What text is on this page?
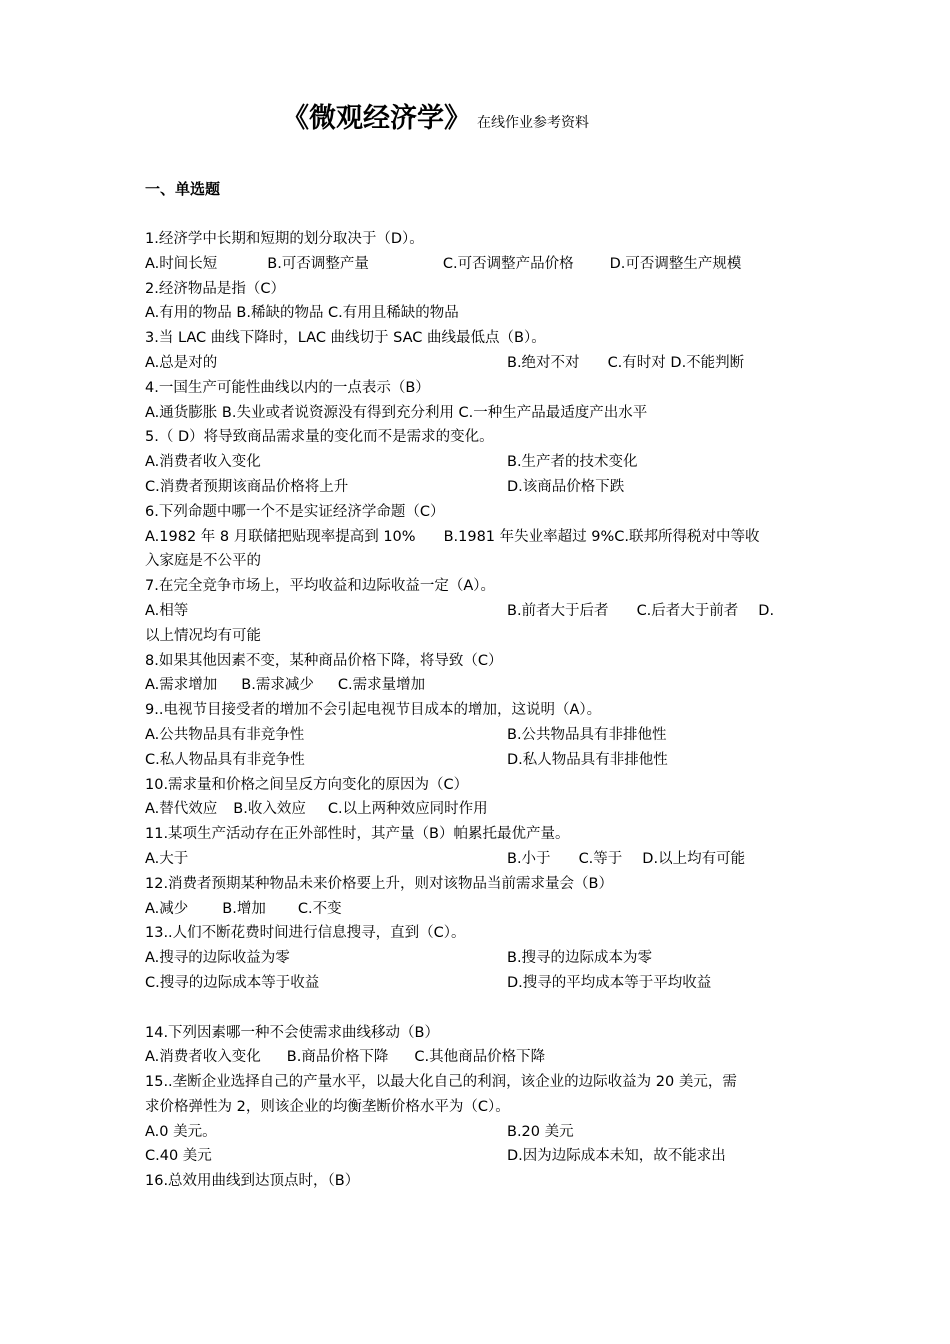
《微观经济学》 在线作业参考资料
一、单选题
1.经济学中长期和短期的划分取决于（D）。
A.时间长短	B.可否调整产量	C.可否调整产品价格 D.可否调整生产规模
2.经济物品是指（C）
A.有用的物品 B.稀缺的物品 C.有用且稀缺的物品
3.当 LAC 曲线下降时，LAC 曲线切于 SAC 曲线最低点（B）。
A.总是对的	B.绝对不对 C.有时对 D.不能判断
4.一国生产可能性曲线以内的一点表示（B）
A.通货膨胀 B.失业或者说资源没有得到充分利用 C.一种生产品最适度产出水平
5.（ D）将导致商品需求量的变化而不是需求的变化。
A.消费者收入变化	B.生产者的技术变化
C.消费者预期该商品价格将上升	D.该商品价格下跌
6.下列命题中哪一个不是实证经济学命题（C）
A.1982 年 8 月联储把贴现率提高到 10% B.1981 年失业率超过 9%C.联邦所得税对中等收
入家庭是不公平的
7.在完全竞争市场上，平均收益和边际收益一定（A）。
A.相等	B.前者大于后者 C.后者大于前者 D.
以上情况均有可能
8.如果其他因素不变，某种商品价格下降，将导致（C）
A.需求增加 B.需求减少 C.需求量增加
9..电视节目接受者的增加不会引起电视节目成本的增加，这说明（A）。
A.公共物品具有非竞争性	B.公共物品具有非排他性
C.私人物品具有非竞争性	D.私人物品具有非排他性
10.需求量和价格之间呈反方向变化的原因为（C）
A.替代效应 B.收入效应 C.以上两种效应同时作用
11.某项生产活动存在正外部性时，其产量（B）帕累托最优产量。
A.大于	B.小于 C.等于 D.以上均有可能
12.消费者预期某种物品未来价格要上升，则对该物品当前需求量会（B）
A.减少 B.增加 C.不变
13..人们不断花费时间进行信息搜寻，直到（C）。
A.搜寻的边际收益为零	B.搜寻的边际成本为零
C.搜寻的边际成本等于收益	D.搜寻的平均成本等于平均收益
14.下列因素哪一种不会使需求曲线移动（B）
A.消费者收入变化 B.商品价格下降 C.其他商品价格下降
15..垄断企业选择自己的产量水平，以最大化自己的利润，该企业的边际收益为 20 美元，需
求价格弹性为 2，则该企业的均衡垄断价格水平为（C）。
A.0 美元。	B.20 美元
C.40 美元	D.因为边际成本未知，故不能求出
16.总效用曲线到达顶点时，（B）
